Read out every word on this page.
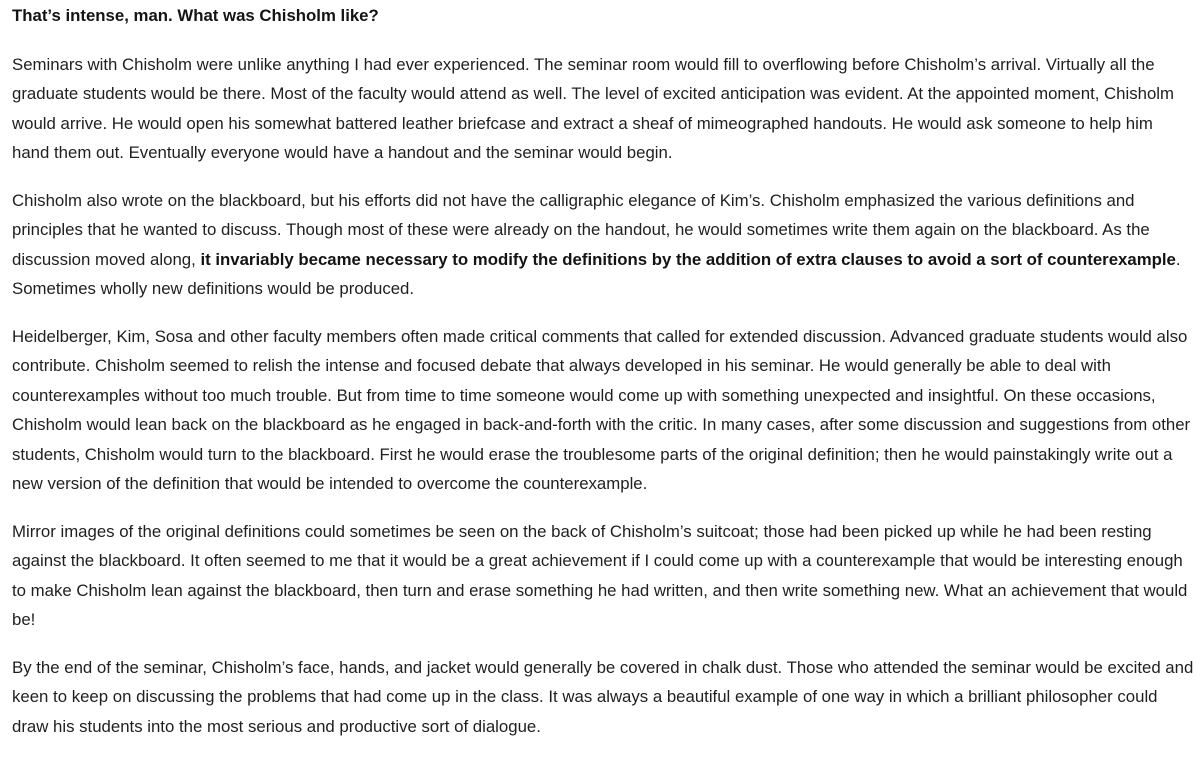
That’s intense, man. What was Chisholm like?

Seminars with Chisholm were unlike anything I had ever experienced. The seminar room would fill to overflowing before Chisholm’s arrival. Virtually all the graduate students would be there. Most of the faculty would attend as well. The level of excited anticipation was evident. At the appointed moment, Chisholm would arrive. He would open his somewhat battered leather briefcase and extract a sheaf of mimeographed handouts. He would ask someone to help him hand them out. Eventually everyone would have a handout and the seminar would begin.

Chisholm also wrote on the blackboard, but his efforts did not have the calligraphic elegance of Kim’s. Chisholm emphasized the various definitions and principles that he wanted to discuss. Though most of these were already on the handout, he would sometimes write them again on the blackboard. As the discussion moved along, it invariably became necessary to modify the definitions by the addition of extra clauses to avoid a sort of counterexample. Sometimes wholly new definitions would be produced.

Heidelberger, Kim, Sosa and other faculty members often made critical comments that called for extended discussion. Advanced graduate students would also contribute. Chisholm seemed to relish the intense and focused debate that always developed in his seminar. He would generally be able to deal with counterexamples without too much trouble. But from time to time someone would come up with something unexpected and insightful. On these occasions, Chisholm would lean back on the blackboard as he engaged in back-and-forth with the critic. In many cases, after some discussion and suggestions from other students, Chisholm would turn to the blackboard. First he would erase the troublesome parts of the original definition; then he would painstakingly write out a new version of the definition that would be intended to overcome the counterexample.

Mirror images of the original definitions could sometimes be seen on the back of Chisholm’s suitcoat; those had been picked up while he had been resting against the blackboard. It often seemed to me that it would be a great achievement if I could come up with a counterexample that would be interesting enough to make Chisholm lean against the blackboard, then turn and erase something he had written, and then write something new. What an achievement that would be!

By the end of the seminar, Chisholm’s face, hands, and jacket would generally be covered in chalk dust. Those who attended the seminar would be excited and keen to keep on discussing the problems that had come up in the class. It was always a beautiful example of one way in which a brilliant philosopher could draw his students into the most serious and productive sort of dialogue.
